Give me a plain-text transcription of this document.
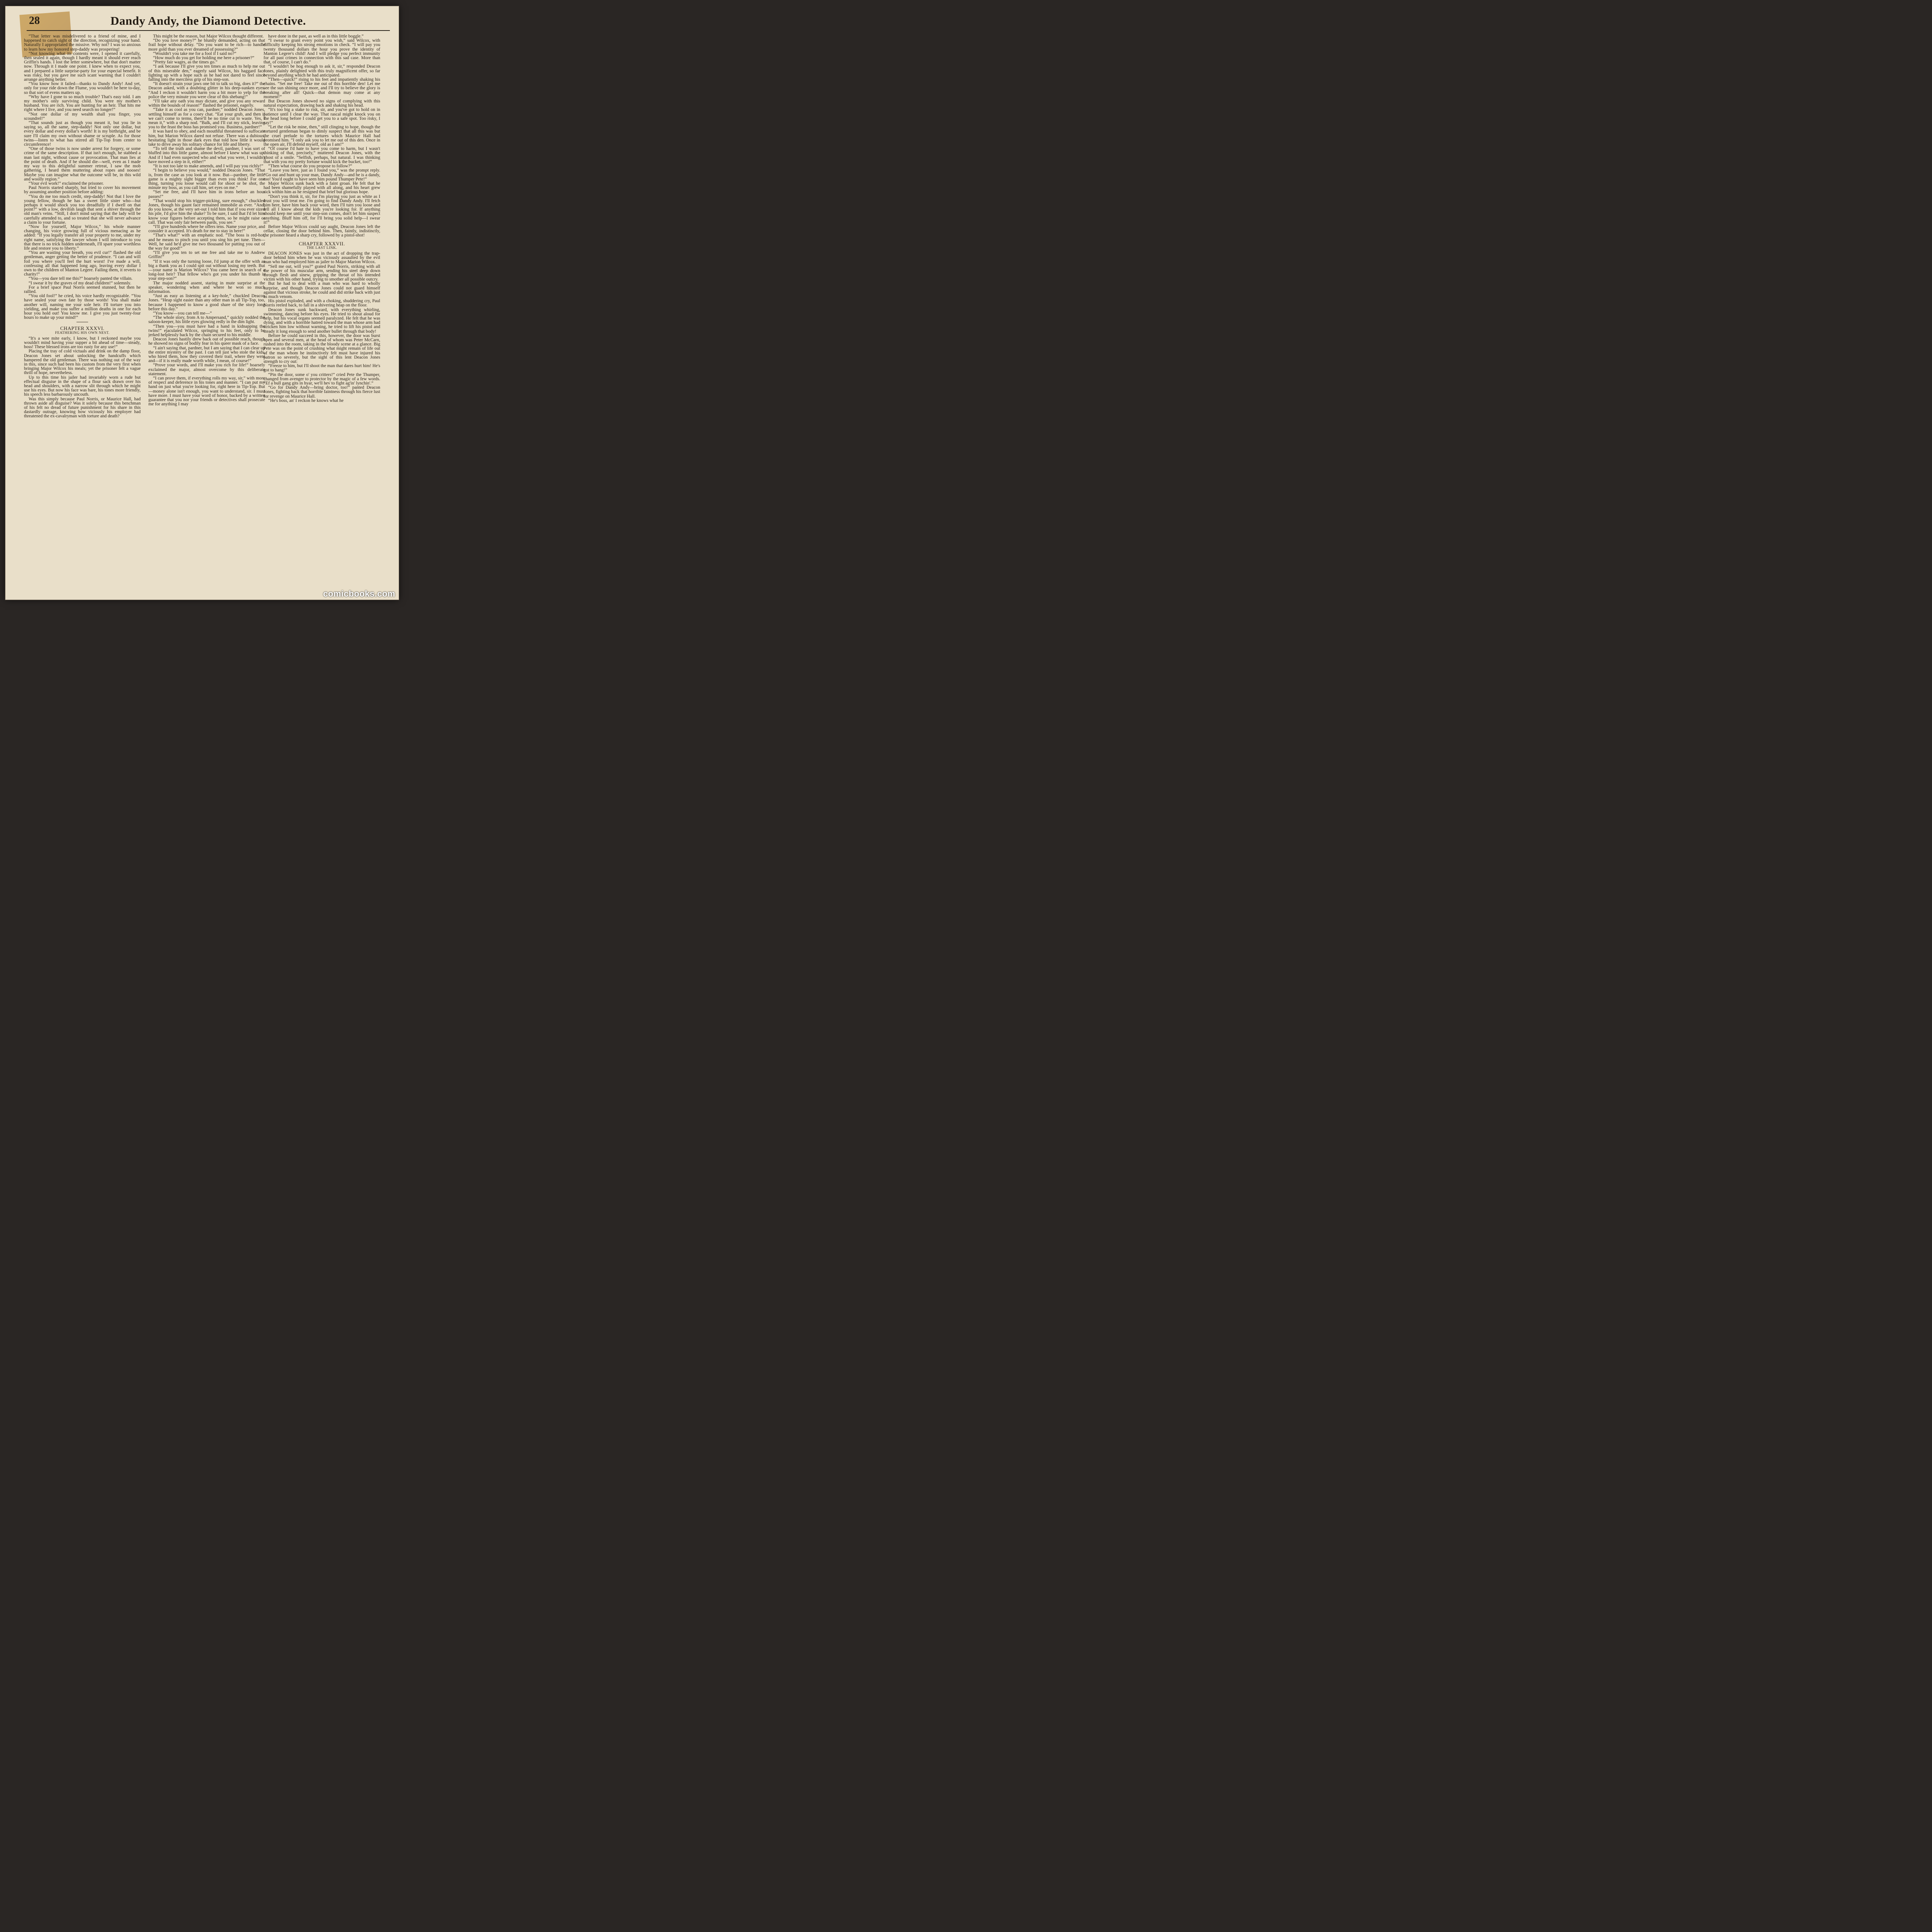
28	Dandy Andy, the Diamond Detective.

“That letter was misdelivered to a friend of mine, and I happened to catch sight of the direction, recognizing your hand. Naturally I appropriated the missive. Why not? I was so anxious to learn how my honored step-daddy was prospering!

“Not knowing what its contents were, I opened it carefully, then sealed it again, though I hardly meant it should ever reach Griffin's hands. I lost the letter somewhere, but that don't matter now. Through it I made one point. I knew when to expect you, and I prepared a little surprise-party for your especial benefit. It was risky, but you gave me such scant warning that I couldn't arrange anything better.

“You know how it failed—thanks to Dandy Andy! And yet, only for your ride down the Flume, you wouldn't be here to-day, so that sort of evens matters up.

“Why have I gone to so much trouble? That's easy told. I am my mother's only surviving child. You were my mother's husband. You are rich. You are hunting for an heir. That hits me right where I live, and you need search no longer!”

“Not one dollar of my wealth shall you finger, you scoundrel!”

“That sounds just as though you meant it, but you lie in saying so, all the same, step-daddy! Not only one dollar, but every dollar and every dollar's worth! It is my birthright, and be sure I'll claim my own without shame or scruple. As for those twins—listen to what has stirred all Tip-Top from center to circumference!

“One of those twins is now under arrest for forgery, or some crime of the same description. If that isn't enough, he stabbed a man last night, without cause or provocation. That man lies at the point of death. And if he should die—well, even as I made my way to this delightful summer retreat, I saw the mob gathering, I heard them muttering about ropes and nooses! Maybe you can imagine what the outcome will be, in this wild and woolly region.”

“Your evil work!” exclaimed the prisoner.

Paul Norris started sharply, but tried to cover his movement by assuming another position before adding:

“You do me too much credit, step-daddy! Not that I love the young fellow, though he has a sweet little sister who—but perhaps it would shock you too dreadfully if I dwell on that point?” with a low, devilish laugh that sent a shiver through the old man's veins. “Still, I don't mind saying that the lady will be carefully attended to, and so treated that she will never advance a claim to your fortune.

“Now for yourself, Major Wilcox,” his whole manner changing, his voice growing full of vicious menacing as he added: “If you legally transfer all your property to me, under my right name, satisfying the lawyer whom I will introduce to you that there is no trick hidden underneath, I'll spare your worthless life and restore you to liberty.”

“You are wasting your breath, you evil cur!” flashed the old gentleman, anger getting the better of prudence. “I can and will foil you where you'll feel the hurt worst! I've made a will, confessing all that happened long ago, leaving every dollar I own to the children of Manton Legere. Failing them, it reverts to charity!”

“You—you dare tell me this?” hoarsely panted the villain.

“I swear it by the graves of my dead children!” solemnly.

For a brief space Paul Norris seemed stunned, but then he rallied.

“You old fool!” he cried, his voice hardly recognizable. “You have sealed your own fate by those words! You shall make another will, naming me your sole heir. I'll torture you into yielding, and make you suffer a million deaths in one for each hour you hold out! You know me. I give you just twenty-four hours to make up your mind!”

CHAPTER XXXVI.
FEATHERING HIS OWN NEST.

“It's a wee mite early, I know, but I reckoned maybe you wouldn't mind having your supper a bit ahead of time—steady, boss! These blessed irons are too rusty for any use!”

Placing the tray of cold victuals and drink on the damp floor, Deacon Jones set about unlocking the handcuffs which hampered the old gentleman. There was nothing out of the way in this, since such had been his custom from the very first when bringing Major Wilcox his meals; yet the prisoner felt a vague thrill of hope, nevertheless.

Up to this time his jailer had invariably worn a rude but effectual disguise in the shape of a flour sack drawn over his head and shoulders, with a narrow slit through which he might use his eyes. But now his face was bare, his tones more friendly, his speech less barbarously uncouth.

Was this simply because Paul Norris, or Maurice Hall, had thrown aside all disguise? Was it solely because this benchman of his felt no dread of future punishment for his share in this dastardly outrage, knowing how viciously his employer had threatened the ex-cavalryman with torture and death?

This might be the reason, but Major Wilcox thought different.

“Do you love money?” he bluntly demanded, acting on that frail hope without delay. “Do you want to be rich—to handle more gold than you ever dreamed of possessing?”

“Wouldn't you take me for a fool if I said no?”

“How much do you get for holding me here a prisoner?”

“Pretty fair wages, as the times go.”

“I ask because I'll give you ten times as much to help me out of this miserable den,” eagerly said Wilcox, his haggard face lighting up with a hope such as he had not dared to feel since falling into the merciless grip of his step-son.

“It doesn't strain your jaws one bit to talk so big, does it?” the Deacon asked, with a doubting glitter in his deep-sunken eyes. “And I reckon it wouldn't harm you a bit more to yelp for the police the very minute you were clear of this shebang!”

“I'll take any oath you may dictate, and give you any reward within the bounds of reason!” flashed the prisoner, eagerly.

“Take it as cool as you can, pardner,” nodded Deacon Jones, settling himself as for a cosey chat. “Eat your grub, and then if we can't come to terms, there'll be no time cut to waste. Yes, I mean it,” with a sharp nod. “Balk, and I'll cut my stick, leaving you to the feast the boss has promised you. Business, pardner!”

It was hard to obey, and each mouthful threatened to suffocate him, but Marion Wilcox dared not refuse. There was a dubious, hesitating light in those dark eyes that told how little it would take to drive away his solitary chance for life and liberty.

“To tell the truth and shame the devil, pardner, I was sort of bluffed into this little game, almost before I knew what was up. And if I had even suspected who and what you were, I wouldn't have moved a step in it, either!”

“It is not too late to make amends, and I will pay you richly!”

“I begin to believe you would,” nodded Deacon Jones. “That is, from the case as you look at it now. But—pardner, the little game is a mighty sight bigger than even you think! For one thing, turning you loose would call for shoot or be shot, the minute my boss, as you call him, set eyes on me.”

“Set me free, and I'll have him in irons before an hour passes!”

“That would stop his trigger-picking, sure enough,” chuckled Jones, though his gaunt face remained immobile as ever. “And, do you know, at the very set-out I told him that if you ever sized his pile, I'd give him the shake? To be sure, I said that I'd let him know your figures before accepting them, so he might raise or call. That was only fair between pards, you see.”

“I'll give hundreds where he offers tens. Name your price, and consider it accepted. It's death for me to stay in here!”

“That's what!” with an emphatic nod. “The boss is red-hot, and he means to pinch you until you sing his pet tune. Then— Well, he said he'd give me two thousand for putting you out of the way for good!”

“I'll give you ten to set me free and take me to Andrew Griffin!”

“If it was only the turning loose, I'd jump at the offer with as big a thank you as I could spit out without losing my teeth. But—your name is Marion Wilcox? You came here in search of a long-lost heir? That fellow who's got you under his thumb is your step-son?”

The major nodded assent, staring in mute surprise at the speaker, wondering when and where he won so much information.

“Just as easy as listening at a key-hole,” chuckled Deacon Jones. “Heap sight easier than any other man in all Tip-Top, too, because I happened to know a good share of the story long before this day.”

“You know—you can tell me—”

“The whole story, from A to Ampersand,” quickly nodded the saloon-keeper, his little eyes glowing redly in the dim light.

“Then you—you must have had a hand in kidnapping the twins!” ejaculated Wilcox, springing to his feet, only to be jerked helplessly back by the chain secured to his middle.

Deacon Jones hastily drew back out of possible reach, though he showed no signs of bodily fear in his queer mask of a face.

“I ain't saying that, pardner, but I am saying that I can clear up the entire mystery of the past. I can tell just who stole the kids, who hired them, how they covered their trail, where they went and—if it is really made worth while, I mean, of course!”

“Prove your words, and I'll make you rich for life!” hoarsely exclaimed the major, almost overcome by this deliberate statement.

“I can prove them, if everything rolls my way, sir,” with more of respect and deference in his tones and manner. “I can put my hand on just what you're looking for, right here in Tip-Top. But—money alone isn't enough, you want to understand, sir. I must have more. I must have your word of honor, backed by a written guarantee that you nor your friends or detectives shall prosecute me for anything I may

have done in the past, as well as in this little boggle.”

“I swear to grant every point you wish,” said Wilcox, with difficulty keeping his strong emotions in check. “I will pay you twenty thousand dollars the hour you prove the identity of Manton Legere's child! And I will pledge you perfect immunity for all past crimes in connection with this sad case. More than that, of course, I can't do.”

“I wouldn't be hog enough to ask it, sir,” responded Deacon Jones, plainly delighted with this truly magnificent offer, so far beyond anything which he had anticipated.

“Then—quick!” rising to his feet and impatiently shaking his chains. “Set me free! Take me out of this horrible den! Let me see the sun shining once more, and I'll try to believe the glory is breaking after all! Quick—that demon may come at any moment!”

But Deacon Jones showed no signs of complying with this natural expectation, drawing back and shaking his head.

“It's too big a stake to risk, sir, and you've got to hold on in patience until I clear the way. That rascal might knock you on the head long before I could get you to a safe spot. Too risky, I say!”

“Let the risk be mine, then,” still clinging to hope, though the tortured gentleman began to dimly suspect that all this was but the cruel prelude to the tortures which Maurice Hall had promised him. “I only ask you to let me out of this den. Once in the open air, I'll defend myself, old as I am!”

“Of course I'd hate to have you come to harm, but I wasn't thinking of that, precisely,” muttered Deacon Jones, with the ghost of a smile. “Selfish, perhaps, but natural. I was thinking that with you my pretty fortune would kick the bucket, too!”

“Then what course do you propose to follow?”

“Leave you here, just as I found you,” was the prompt reply. “Go out and hunt up your man, Dandy Andy—and he is a dandy, too! You'd ought to have seen him pound Thumper Pete!”

Major Wilcox sunk back with a faint groan. He felt that he had been shamefully played with all along, and his heart grew sick within him as he resigned that brief but glorious hope.

“Don't you think it, sir, for I'm playing you just as white as I trust you will treat me. I'm going to find Dandy Andy. I'll fetch him here, have him back your word, then I'll turn you loose and tell all I know about the kids you're looking for. If anything should keep me until your step-son comes, don't let him suspect anything. Bluff him off, for I'll bring you solid help—I swear it!”

Before Major Wilcox could say aught, Deacon Jones left the cellar, closing the door behind him. Then, faintly, indistinctly, the prisoner heard a sharp cry, followed by a pistol-shot!

CHAPTER XXXVII.
THE LAST LINK.

DEACON JONES was just in the act of dropping the trap-door behind him when he was viciously assaulted by the evil man who had employed him as jailer to Major Marion Wilcox.

“Sell me out, will you?” grated Paul Norris, striking with all the power of his muscular arm, sending his steel deep down through flesh and sinew, gripping the throat of his intended victim with his other hand, trying to smother all possible outcry.

But he had to deal with a man who was hard to wholly surprise, and though Deacon Jones could not guard himself against that vicious stroke, he could and did strike back with just as much venom.

His pistol exploded, and with a choking, shuddering cry, Paul Norris reeled back, to fall in a shivering heap on the floor.

Deacon Jones sunk backward, with everything whirling, swimming, dancing before his eyes. He tried to shout aloud for help, but his vocal organs seemed paralyzed. He felt that he was dying, and with a horrible hatred toward the man whose arm had stricken him low without warning, he tried to lift his pistol and steady it long enough to send another bullet through that body!

Before he could succeed in this, however, the door was burst open and several men, at the head of whom was Peter McCarn, rushed into the room, taking in the bloody scene at a glance. Big Pete was on the point of crushing what might remain of life out of the man whom he instinctively felt must have injured his patron so severely, but the sight of this lent Deacon Jones strength to cry out:

“Freeze to him, but I'll shoot the man that dares hurt him! He's got to hang!”

“Pin the door, some o' you critters!” cried Pete the Thumper, changed from avenger to protector by the magic of a few words. “Ef a bull gang gits in hyar, we'll hev to fight ag'in' lynchin'.”

“Go for Dandy Andy—bring doctor, too!” panted Deacon Jones, fighting back that horrible faintness through his fierce lust for revenge on Maurice Hall.

“He's boss, an' I reckon he knows what he

comicbooks.com
